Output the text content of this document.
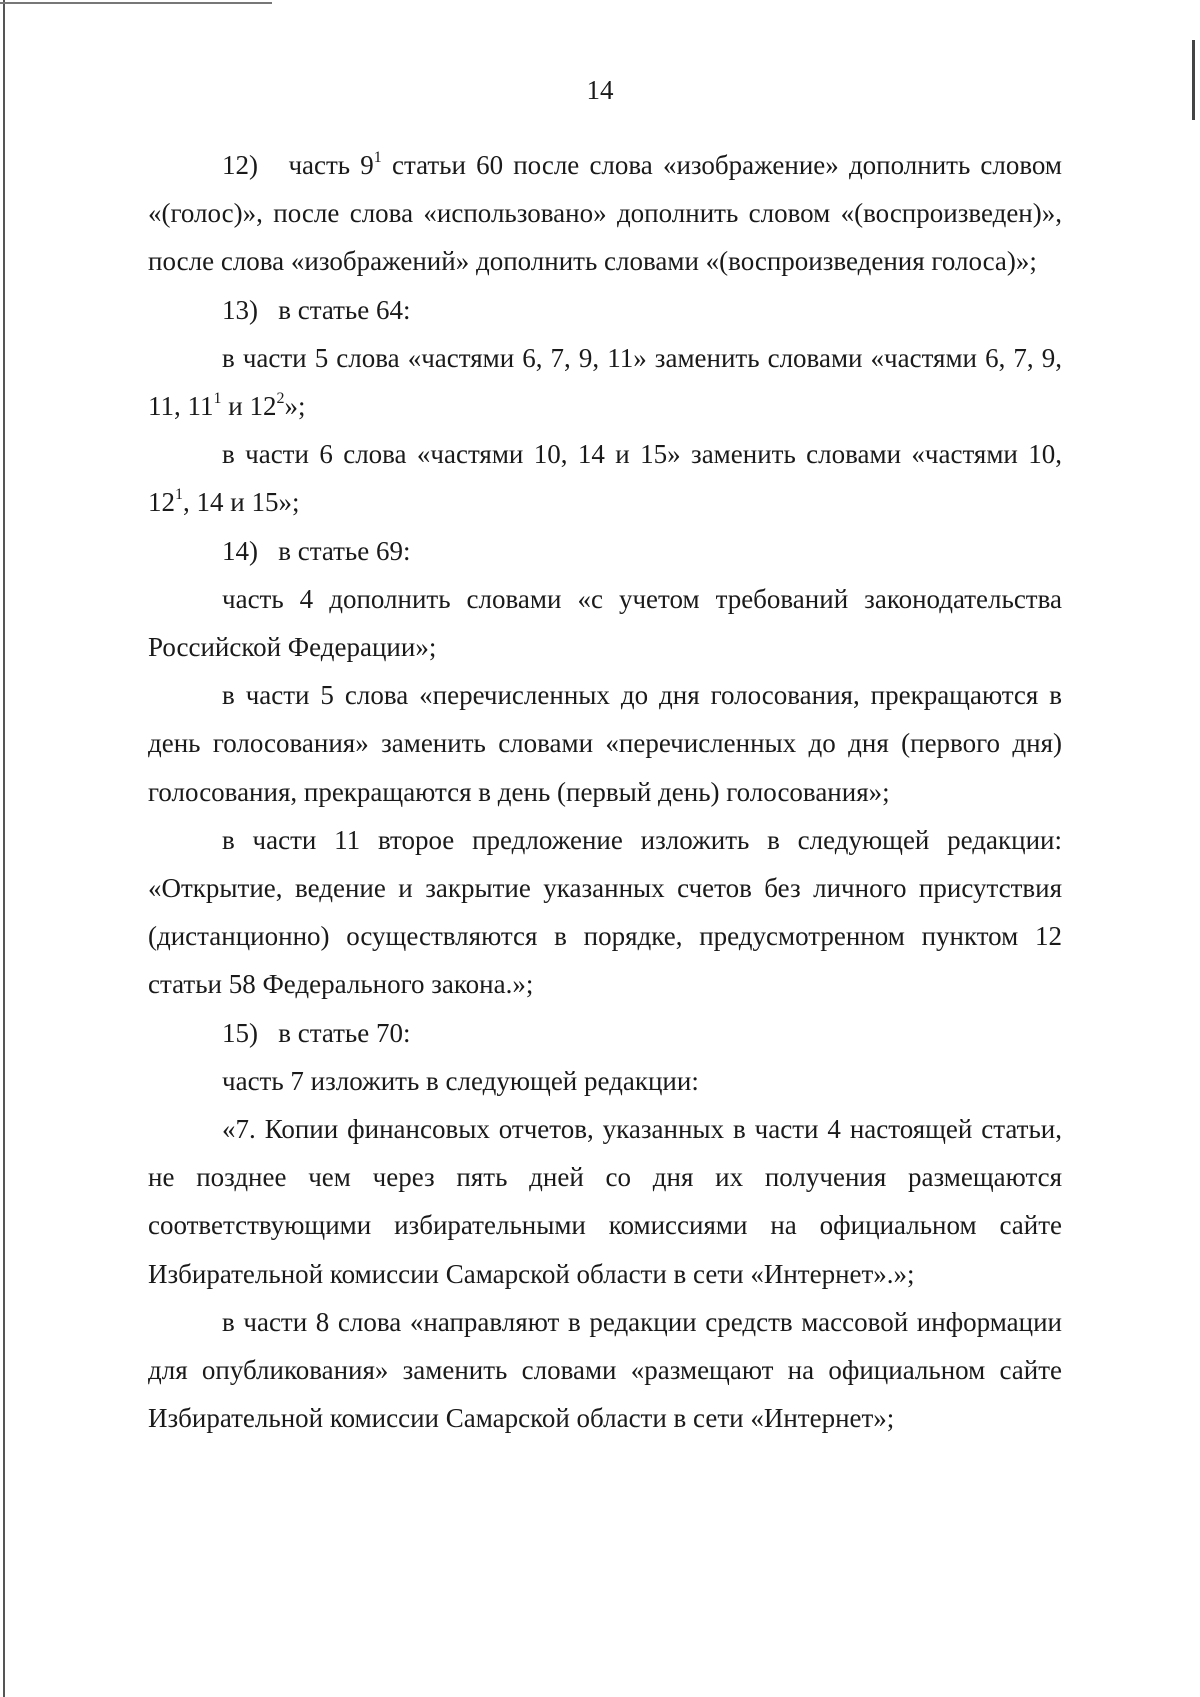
14

12)   часть $9^1$ статьи 60 после слова «изображение» дополнить словом «(голос)», после слова «использовано» дополнить словом «(воспроизведен)», после слова «изображений» дополнить словами «(воспроизведения голоса)»;

13)   в статье 64:

в части 5 слова «частями 6, 7, 9, 11» заменить словами «частями 6, 7, 9, 11, $11^1$ и $12^2$»;

в части 6 слова «частями 10, 14 и 15» заменить словами «частями 10, $12^1$, 14 и 15»;

14)   в статье 69:

часть 4 дополнить словами «с учетом требований законодательства Российской Федерации»;

в части 5 слова «перечисленных до дня голосования, прекращаются в день голосования» заменить словами «перечисленных до дня (первого дня) голосования, прекращаются в день (первый день) голосования»;

в части 11 второе предложение изложить в следующей редакции: «Открытие, ведение и закрытие указанных счетов без личного присутствия (дистанционно) осуществляются в порядке, предусмотренном пунктом 12 статьи 58 Федерального закона.»;

15)   в статье 70:

часть 7 изложить в следующей редакции:

«7. Копии финансовых отчетов, указанных в части 4 настоящей статьи, не позднее чем через пять дней со дня их получения размещаются соответствующими избирательными комиссиями на официальном сайте Избирательной комиссии Самарской области в сети «Интернет».»;

в части 8 слова «направляют в редакции средств массовой информации для опубликования» заменить словами «размещают на официальном сайте Избирательной комиссии Самарской области в сети «Интернет»;
